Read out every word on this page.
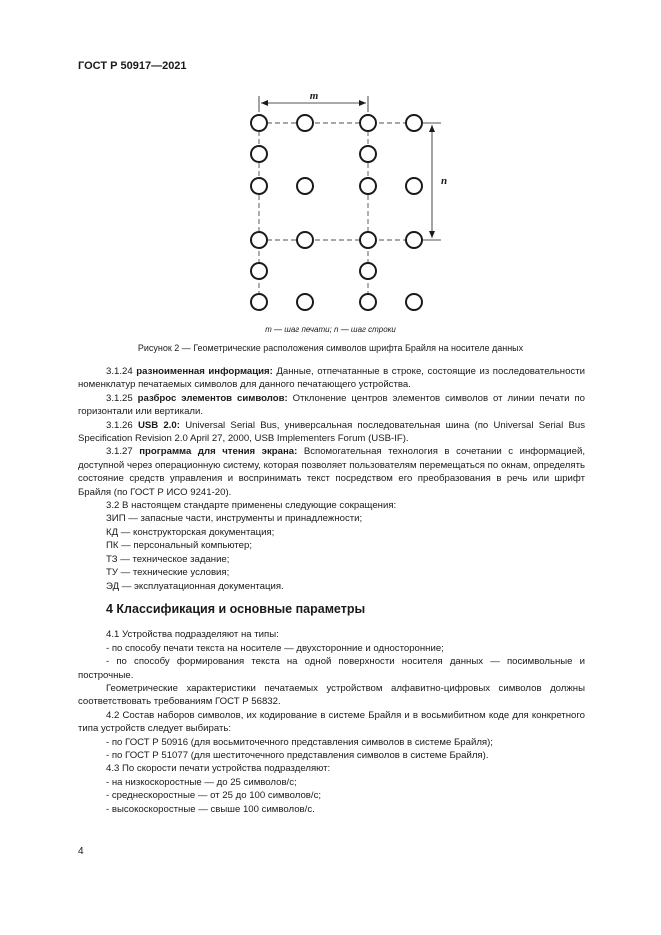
ГОСТ Р 50917—2021
m
n
m — шаг печати; n — шаг строки
Рисунок 2 — Геометрические расположения символов шрифта Брайля на носителе данных

3.1.24 разноименная информация: Данные, отпечатанные в строке, состоящие из последовательности номенклатур печатаемых символов для данного печатающего устройства.

3.1.25 разброс элементов символов: Отклонение центров элементов символов от линии печати по горизонтали или вертикали.

3.1.26 USB 2.0: Universal Serial Bus, универсальная последовательная шина (по Universal Serial Bus Specification Revision 2.0 April 27, 2000, USB Implementers Forum (USB-IF).

3.1.27 программа для чтения экрана: Вспомогательная технология в сочетании с информацией, доступной через операционную систему, которая позволяет пользователям перемещаться по окнам, определять состояние средств управления и воспринимать текст посредством его преобразования в речь или шрифт Брайля (по ГОСТ Р ИСО 9241-20).

3.2 В настоящем стандарте применены следующие сокращения:

ЗИП — запасные части, инструменты и принадлежности;

КД — конструкторская документация;

ПК — персональный компьютер;

ТЗ — техническое задание;

ТУ — технические условия;

ЭД — эксплуатационная документация.

4 Классификация и основные параметры

4.1 Устройства подразделяют на типы:

- по способу печати текста на носителе — двухсторонние и односторонние;

- по способу формирования текста на одной поверхности носителя данных — посимвольные и построчные.

Геометрические характеристики печатаемых устройством алфавитно-цифровых символов должны соответствовать требованиям ГОСТ Р 56832.

4.2 Состав наборов символов, их кодирование в системе Брайля и в восьмибитном коде для конкретного типа устройств следует выбирать:

- по ГОСТ Р 50916 (для восьмиточечного представления символов в системе Брайля);

- по ГОСТ Р 51077 (для шеститочечного представления символов в системе Брайля).

4.3 По скорости печати устройства подразделяют:

- на низкоскоростные — до 25 символов/с;

- среднескоростные — от 25 до 100 символов/с;

- высокоскоростные — свыше 100 символов/с.

4
